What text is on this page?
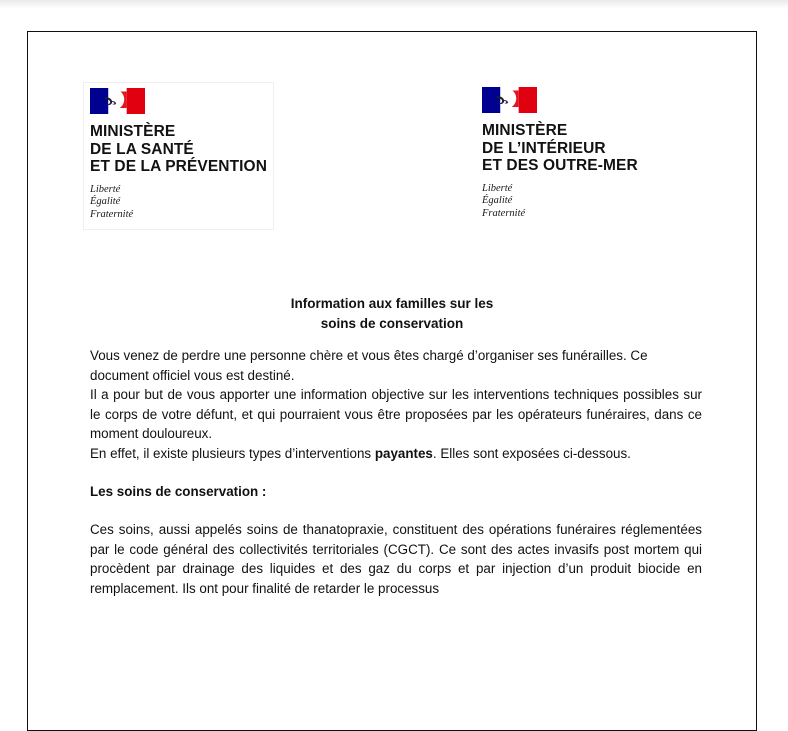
MINISTÈRE
DE LA SANTÉ
ET DE LA PRÉVENTION
Liberté
Égalité
Fraternité
MINISTÈRE
DE L’INTÉRIEUR
ET DES OUTRE-MER
Liberté
Égalité
Fraternité
Information aux familles sur les
soins de conservation

Vous venez de perdre une personne chère et vous êtes chargé d’organiser ses funérailles. Ce document officiel vous est destiné.

Il a pour but de vous apporter une information objective sur les interventions techniques possibles sur le corps de votre défunt, et qui pourraient vous être proposées par les opérateurs funéraires, dans ce  moment douloureux.

En effet, il existe plusieurs types d’interventions payantes. Elles sont exposées ci-dessous.

Les soins de conservation :

Ces soins, aussi appelés soins de thanatopraxie, constituent des opérations funéraires réglementées par le code général des collectivités territoriales (CGCT). Ce sont des actes invasifs post mortem qui procèdent par drainage des liquides et des gaz du corps et par injection d’un produit biocide en remplacement. Ils ont pour finalité de retarder le processus
